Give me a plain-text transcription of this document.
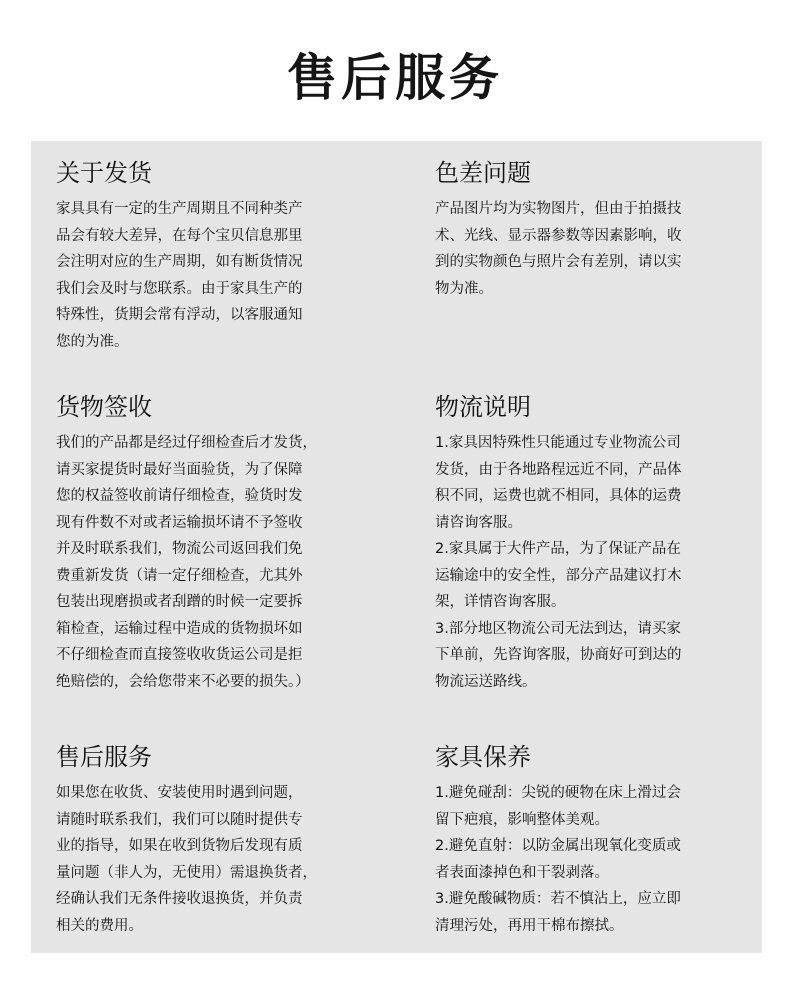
售后服务
关于发货

家具具有一定的生产周期且不同种类产
品会有较大差异，在每个宝贝信息那里
会注明对应的生产周期，如有断货情况
我们会及时与您联系。由于家具生产的
特殊性，货期会常有浮动，以客服通知
您的为准。

色差问题

产品图片均为实物图片，但由于拍摄技
术、光线、显示器参数等因素影响，收
到的实物颜色与照片会有差别，请以实
物为准。

货物签收

我们的产品都是经过仔细检查后才发货，
请买家提货时最好当面验货，为了保障
您的权益签收前请仔细检查，验货时发
现有件数不对或者运输损坏请不予签收
并及时联系我们，物流公司返回我们免
费重新发货（请一定仔细检查，尤其外
包装出现磨损或者刮蹭的时候一定要拆
箱检查，运输过程中造成的货物损坏如
不仔细检查而直接签收收货运公司是拒
绝赔偿的，会给您带来不必要的损失。）

物流说明

1.家具因特殊性只能通过专业物流公司
发货，由于各地路程远近不同，产品体
积不同，运费也就不相同，具体的运费
请咨询客服。
2.家具属于大件产品，为了保证产品在
运输途中的安全性，部分产品建议打木
架，详情咨询客服。
3.部分地区物流公司无法到达，请买家
下单前，先咨询客服，协商好可到达的
物流运送路线。

售后服务

如果您在收货、安装使用时遇到问题，
请随时联系我们，我们可以随时提供专
业的指导，如果在收到货物后发现有质
量问题（非人为，无使用）需退换货者，
经确认我们无条件接收退换货，并负责
相关的费用。

家具保养

1.避免碰刮：尖锐的硬物在床上滑过会
留下疤痕，影响整体美观。
2.避免直射：以防金属出现氧化变质或
者表面漆掉色和干裂剥落。
3.避免酸碱物质：若不慎沾上，应立即
清理污处，再用干棉布擦拭。
